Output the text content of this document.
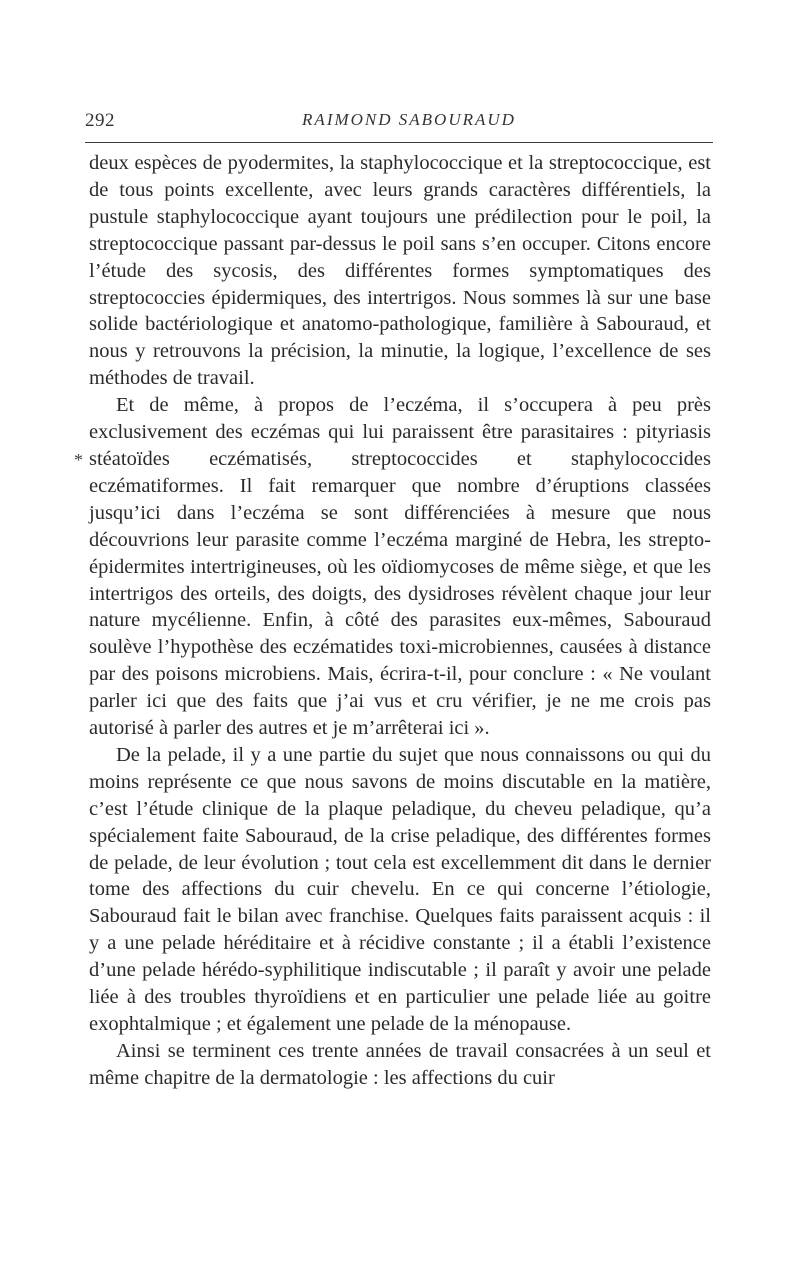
292	RAIMOND SABOURAUD
*

deux espèces de pyodermites, la staphylococcique et la streptococcique, est de tous points excellente, avec leurs grands caractères différentiels, la pustule staphylococcique ayant toujours une prédilection pour le poil, la streptococcique passant par-dessus le poil sans s’en occuper. Citons encore l’étude des sycosis, des différentes formes symptomatiques des streptococcies épidermiques, des intertrigos. Nous sommes là sur une base solide bactériologique et anatomo-pathologique, familière à Sabouraud, et nous y retrouvons la précision, la minutie, la logique, l’excellence de ses méthodes de travail.

Et de même, à propos de l’eczéma, il s’occupera à peu près exclusivement des eczémas qui lui paraissent être parasitaires : pityriasis stéatoïdes eczématisés, streptococcides et staphylococcides eczématiformes. Il fait remarquer que nombre d’éruptions classées jusqu’ici dans l’eczéma se sont différenciées à mesure que nous découvrions leur parasite comme l’eczéma marginé de Hebra, les strepto-épidermites intertrigineuses, où les oïdiomycoses de même siège, et que les intertrigos des orteils, des doigts, des dysidroses révèlent chaque jour leur nature mycélienne. Enfin, à côté des parasites eux-mêmes, Sabouraud soulève l’hypothèse des eczématides toxi-microbiennes, causées à distance par des poisons microbiens. Mais, écrira-t-il, pour conclure : « Ne voulant parler ici que des faits que j’ai vus et cru vérifier, je ne me crois pas autorisé à parler des autres et je m’arrêterai ici ».

De la pelade, il y a une partie du sujet que nous connaissons ou qui du moins représente ce que nous savons de moins discutable en la matière, c’est l’étude clinique de la plaque peladique, du cheveu peladique, qu’a spécialement faite Sabouraud, de la crise peladique, des différentes formes de pelade, de leur évolution ; tout cela est excellemment dit dans le dernier tome des affections du cuir chevelu. En ce qui concerne l’étiologie, Sabouraud fait le bilan avec franchise. Quelques faits paraissent acquis : il y a une pelade héréditaire et à récidive constante ; il a établi l’existence d’une pelade hérédo-syphilitique indiscutable ; il paraît y avoir une pelade liée à des troubles thyroïdiens et en particulier une pelade liée au goitre exophtalmique ; et également une pelade de la ménopause.

Ainsi se terminent ces trente années de travail consacrées à un seul et même chapitre de la dermatologie : les affections du cuir
